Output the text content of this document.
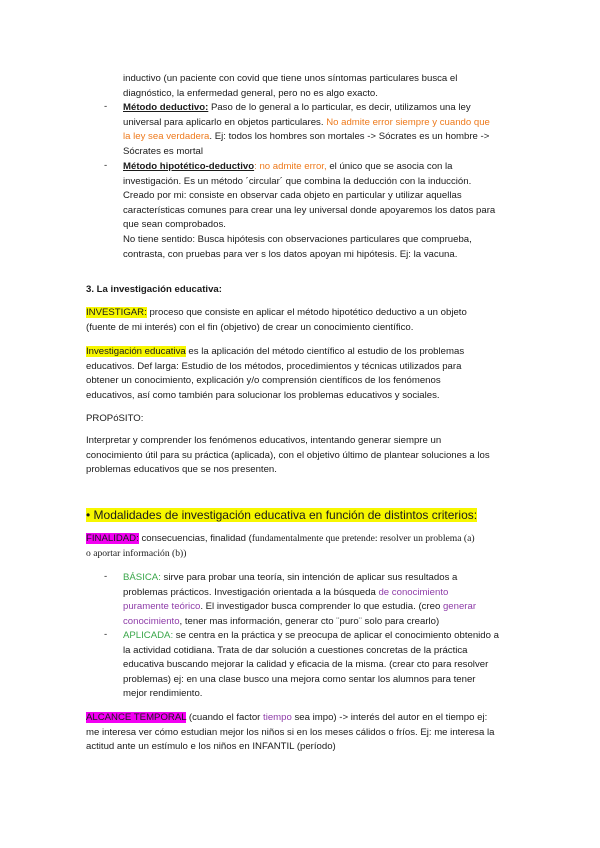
inductivo (un paciente con covid que tiene unos síntomas particulares busca el
diagnóstico, la enfermedad general, pero no es algo exacto.
- Método deductivo: Paso de lo general a lo particular, es decir, utilizamos una ley
universal para aplicarlo en objetos particulares. No admite error siempre y cuando que
la ley sea verdadera. Ej: todos los hombres son mortales -> Sócrates es un hombre ->
Sócrates es mortal
- Método hipotético-deductivo: no admite error, el único que se asocia con la
investigación. Es un método ´circular´ que combina la deducción con la inducción.
Creado por mi: consiste en observar cada objeto en particular y utilizar aquellas
características comunes para crear una ley universal donde apoyaremos los datos para
que sean comprobados.
No tiene sentido: Busca hipótesis con observaciones particulares que comprueba,
contrasta, con pruebas para ver s los datos apoyan mi hipótesis. Ej: la vacuna.
3. La investigación educativa:
INVESTIGAR: proceso que consiste en aplicar el método hipotético deductivo a un objeto
(fuente de mi interés) con el fin (objetivo) de crear un conocimiento científico.
Investigación educativa es la aplicación del método científico al estudio de los problemas
educativos. Def larga: Estudio de los métodos, procedimientos y técnicas utilizados para
obtener un conocimiento, explicación y/o comprensión científicos de los fenómenos
educativos, así como también para solucionar los problemas educativos y sociales.
PROPóSITO:
Interpretar y comprender los fenómenos educativos, intentando generar siempre un
conocimiento útil para su práctica (aplicada), con el objetivo último de plantear soluciones a los
problemas educativos que se nos presenten.
• Modalidades de investigación educativa en función de distintos criterios:
FINALIDAD: consecuencias, finalidad (fundamentalmente que pretende: resolver un problema (a)
o aportar información (b))
- BÁSICA: sirve para probar una teoría, sin intención de aplicar sus resultados a
problemas prácticos. Investigación orientada a la búsqueda de conocimiento
puramente teórico. El investigador busca comprender lo que estudia. (creo generar
conocimiento, tener mas información, generar cto ¨puro¨ solo para crearlo)
- APLICADA: se centra en la práctica y se preocupa de aplicar el conocimiento obtenido a
la actividad cotidiana. Trata de dar solución a cuestiones concretas de la práctica
educativa buscando mejorar la calidad y eficacia de la misma. (crear cto para resolver
problemas) ej: en una clase busco una mejora como sentar los alumnos para tener
mejor rendimiento.
ALCANCE TEMPORAL (cuando el factor tiempo sea impo) -> interés del autor en el tiempo ej:
me interesa ver cómo estudian mejor los niños si en los meses cálidos o fríos. Ej: me interesa la
actitud ante un estímulo e los niños en INFANTIL (período)
